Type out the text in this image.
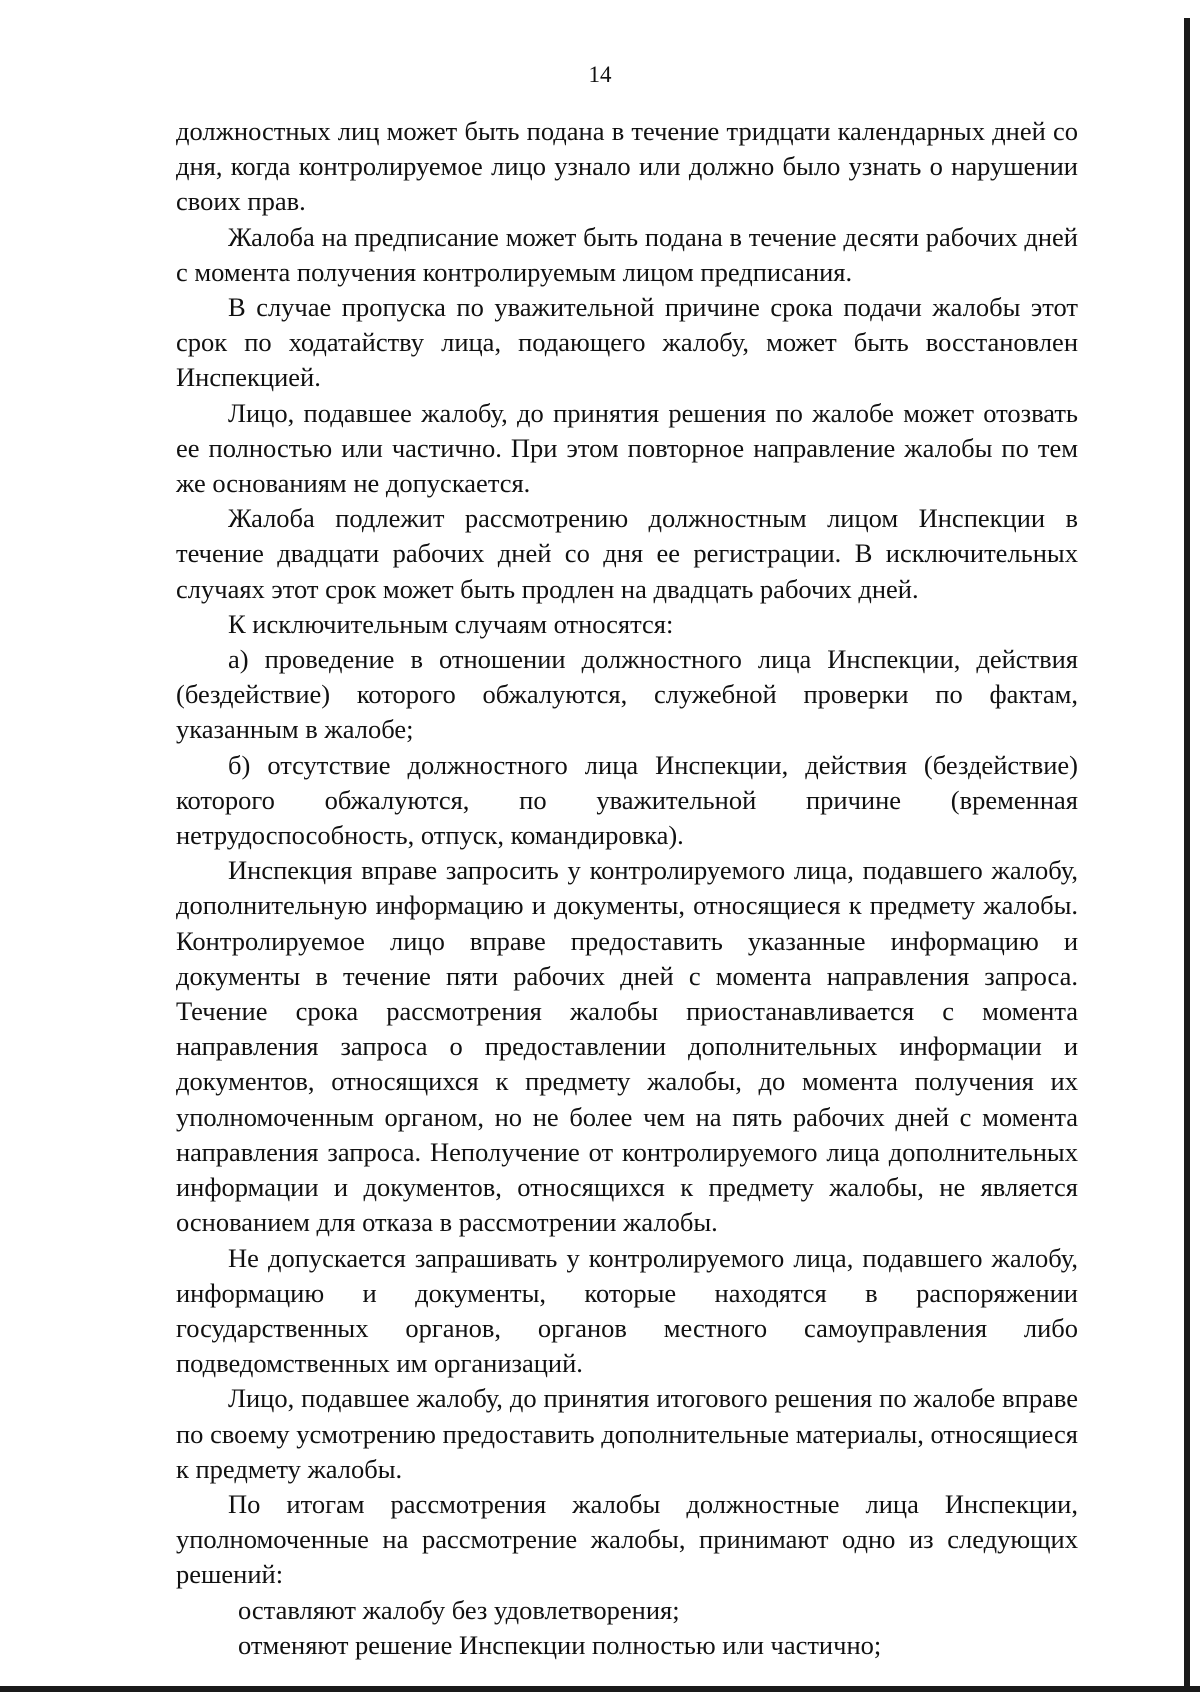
14

должностных лиц может быть подана в течение тридцати календарных дней со дня, когда контролируемое лицо узнало или должно было узнать о нарушении своих прав.

Жалоба на предписание может быть подана в течение десяти рабочих дней с момента получения контролируемым лицом предписания.

В случае пропуска по уважительной причине срока подачи жалобы этот срок по ходатайству лица, подающего жалобу, может быть восстановлен Инспекцией.

Лицо, подавшее жалобу, до принятия решения по жалобе может отозвать ее полностью или частично. При этом повторное направление жалобы по тем же основаниям не допускается.

Жалоба подлежит рассмотрению должностным лицом Инспекции в течение двадцати рабочих дней со дня ее регистрации. В исключительных случаях этот срок может быть продлен на двадцать рабочих дней.

К исключительным случаям относятся:

а) проведение в отношении должностного лица Инспекции, действия (бездействие) которого обжалуются, служебной проверки по фактам, указанным в жалобе;

б) отсутствие должностного лица Инспекции, действия (бездействие) которого обжалуются, по уважительной причине (временная нетрудоспособность, отпуск, командировка).

Инспекция вправе запросить у контролируемого лица, подавшего жалобу, дополнительную информацию и документы, относящиеся к предмету жалобы. Контролируемое лицо вправе предоставить указанные информацию и документы в течение пяти рабочих дней с момента направления запроса. Течение срока рассмотрения жалобы приостанавливается с момента направления запроса о предоставлении дополнительных информации и документов, относящихся к предмету жалобы, до момента получения их уполномоченным органом, но не более чем на пять рабочих дней с момента направления запроса. Неполучение от контролируемого лица дополнительных информации и документов, относящихся к предмету жалобы, не является основанием для отказа в рассмотрении жалобы.

Не допускается запрашивать у контролируемого лица, подавшего жалобу, информацию и документы, которые находятся в распоряжении государственных органов, органов местного самоуправления либо подведомственных им организаций.

Лицо, подавшее жалобу, до принятия итогового решения по жалобе вправе по своему усмотрению предоставить дополнительные материалы, относящиеся к предмету жалобы.

По итогам рассмотрения жалобы должностные лица Инспекции, уполномоченные на рассмотрение жалобы, принимают одно из следующих решений:

оставляют жалобу без удовлетворения;

отменяют решение Инспекции полностью или частично;
